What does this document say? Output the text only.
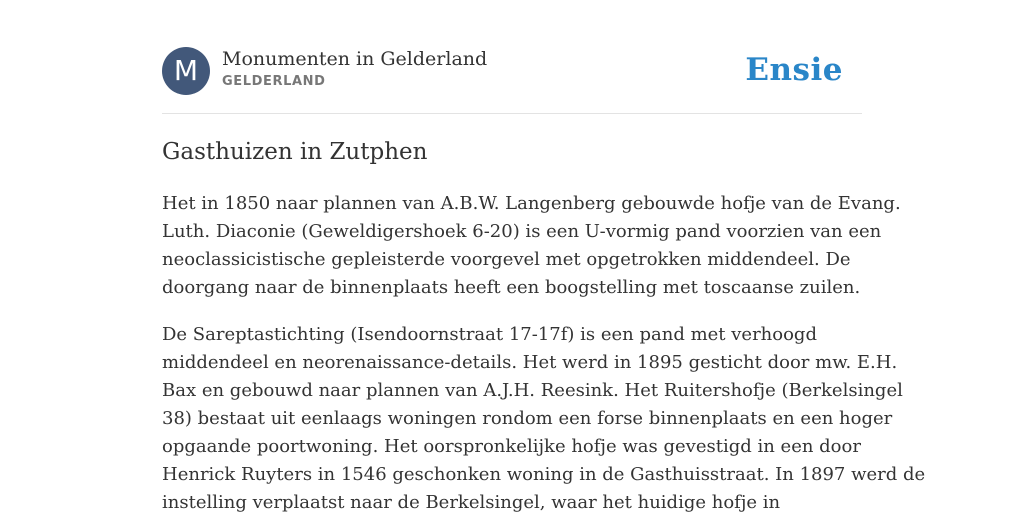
M	Monumenten in Gelderland
GELDERLAND	Ensie
Gasthuizen in Zutphen

Het in 1850 naar plannen van A.B.W. Langenberg gebouwde hofje van de Evang.
Luth. Diaconie (Geweldigershoek 6-20) is een U-vormig pand voorzien van een
neoclassicistische gepleisterde voorgevel met opgetrokken middendeel. De
doorgang naar de binnenplaats heeft een boogstelling met toscaanse zuilen.

De Sareptastichting (Isendoornstraat 17-17f) is een pand met verhoogd
middendeel en neorenaissance-details. Het werd in 1895 gesticht door mw. E.H.
Bax en gebouwd naar plannen van A.J.H. Reesink. Het Ruitershofje (Berkelsingel
38) bestaat uit eenlaags woningen rondom een forse binnenplaats en een hoger
opgaande poortwoning. Het oorspronkelijke hofje was gevestigd in een door
Henrick Ruyters in 1546 geschonken woning in de Gasthuisstraat. In 1897 werd de
instelling verplaatst naar de Berkelsingel, waar het huidige hofje in
